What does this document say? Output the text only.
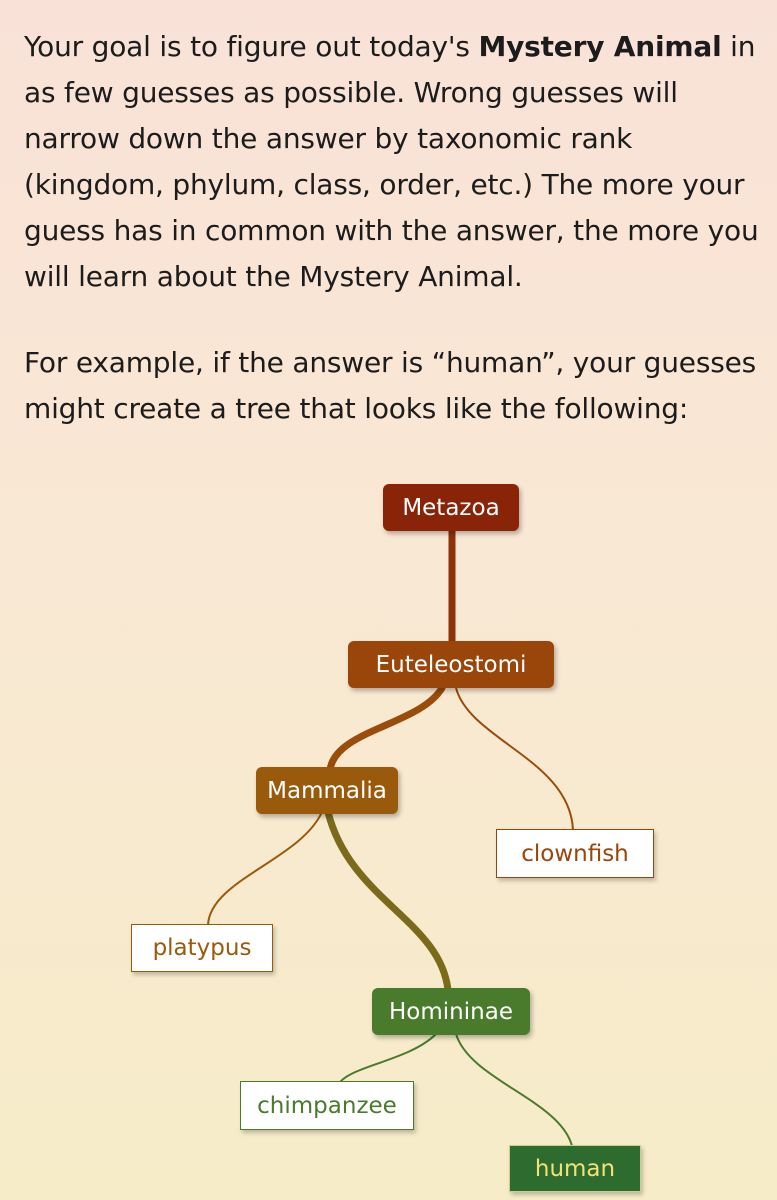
Your goal is to figure out today's Mystery Animal in as few guesses as possible. Wrong guesses will narrow down the answer by taxonomic rank (kingdom, phylum, class, order, etc.) The more your guess has in common with the answer, the more you will learn about the Mystery Animal.

For example, if the answer is “human”, your guesses might create a tree that looks like the following:

Metazoa
Euteleostomi
Mammalia
clownfish
platypus
Homininae
chimpanzee
human
